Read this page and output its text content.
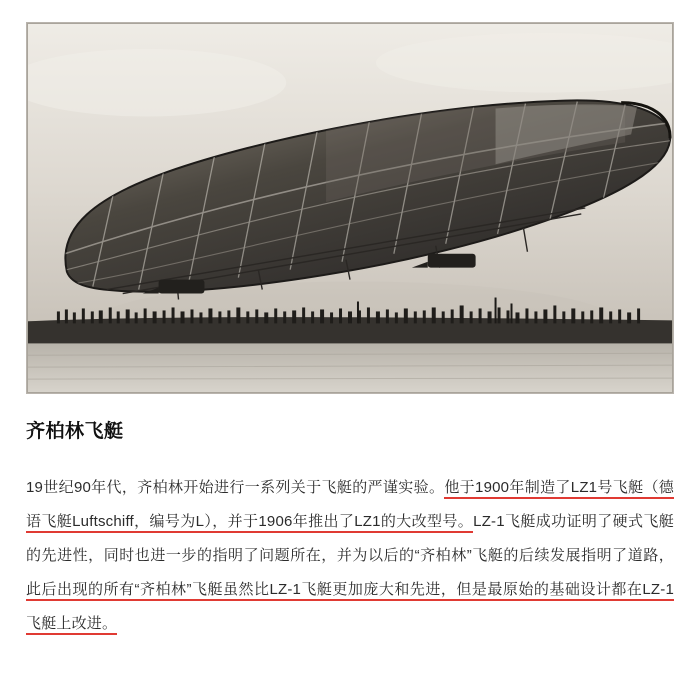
齐柏林飞艇

19世纪90年代，齐柏林开始进行一系列关于飞艇的严谨实验。他于1900年制造了LZ1号飞艇（德语飞艇Luftschiff，编号为L），并于1906年推出了LZ1的大改型号。LZ-1飞艇成功证明了硬式飞艇的先进性，同时也进一步的指明了问题所在，并为以后的“齐柏林”飞艇的后续发展指明了道路，此后出现的所有“齐柏林”飞艇虽然比LZ-1飞艇更加庞大和先进，但是最原始的基础设计都在LZ-1飞艇上改进。
